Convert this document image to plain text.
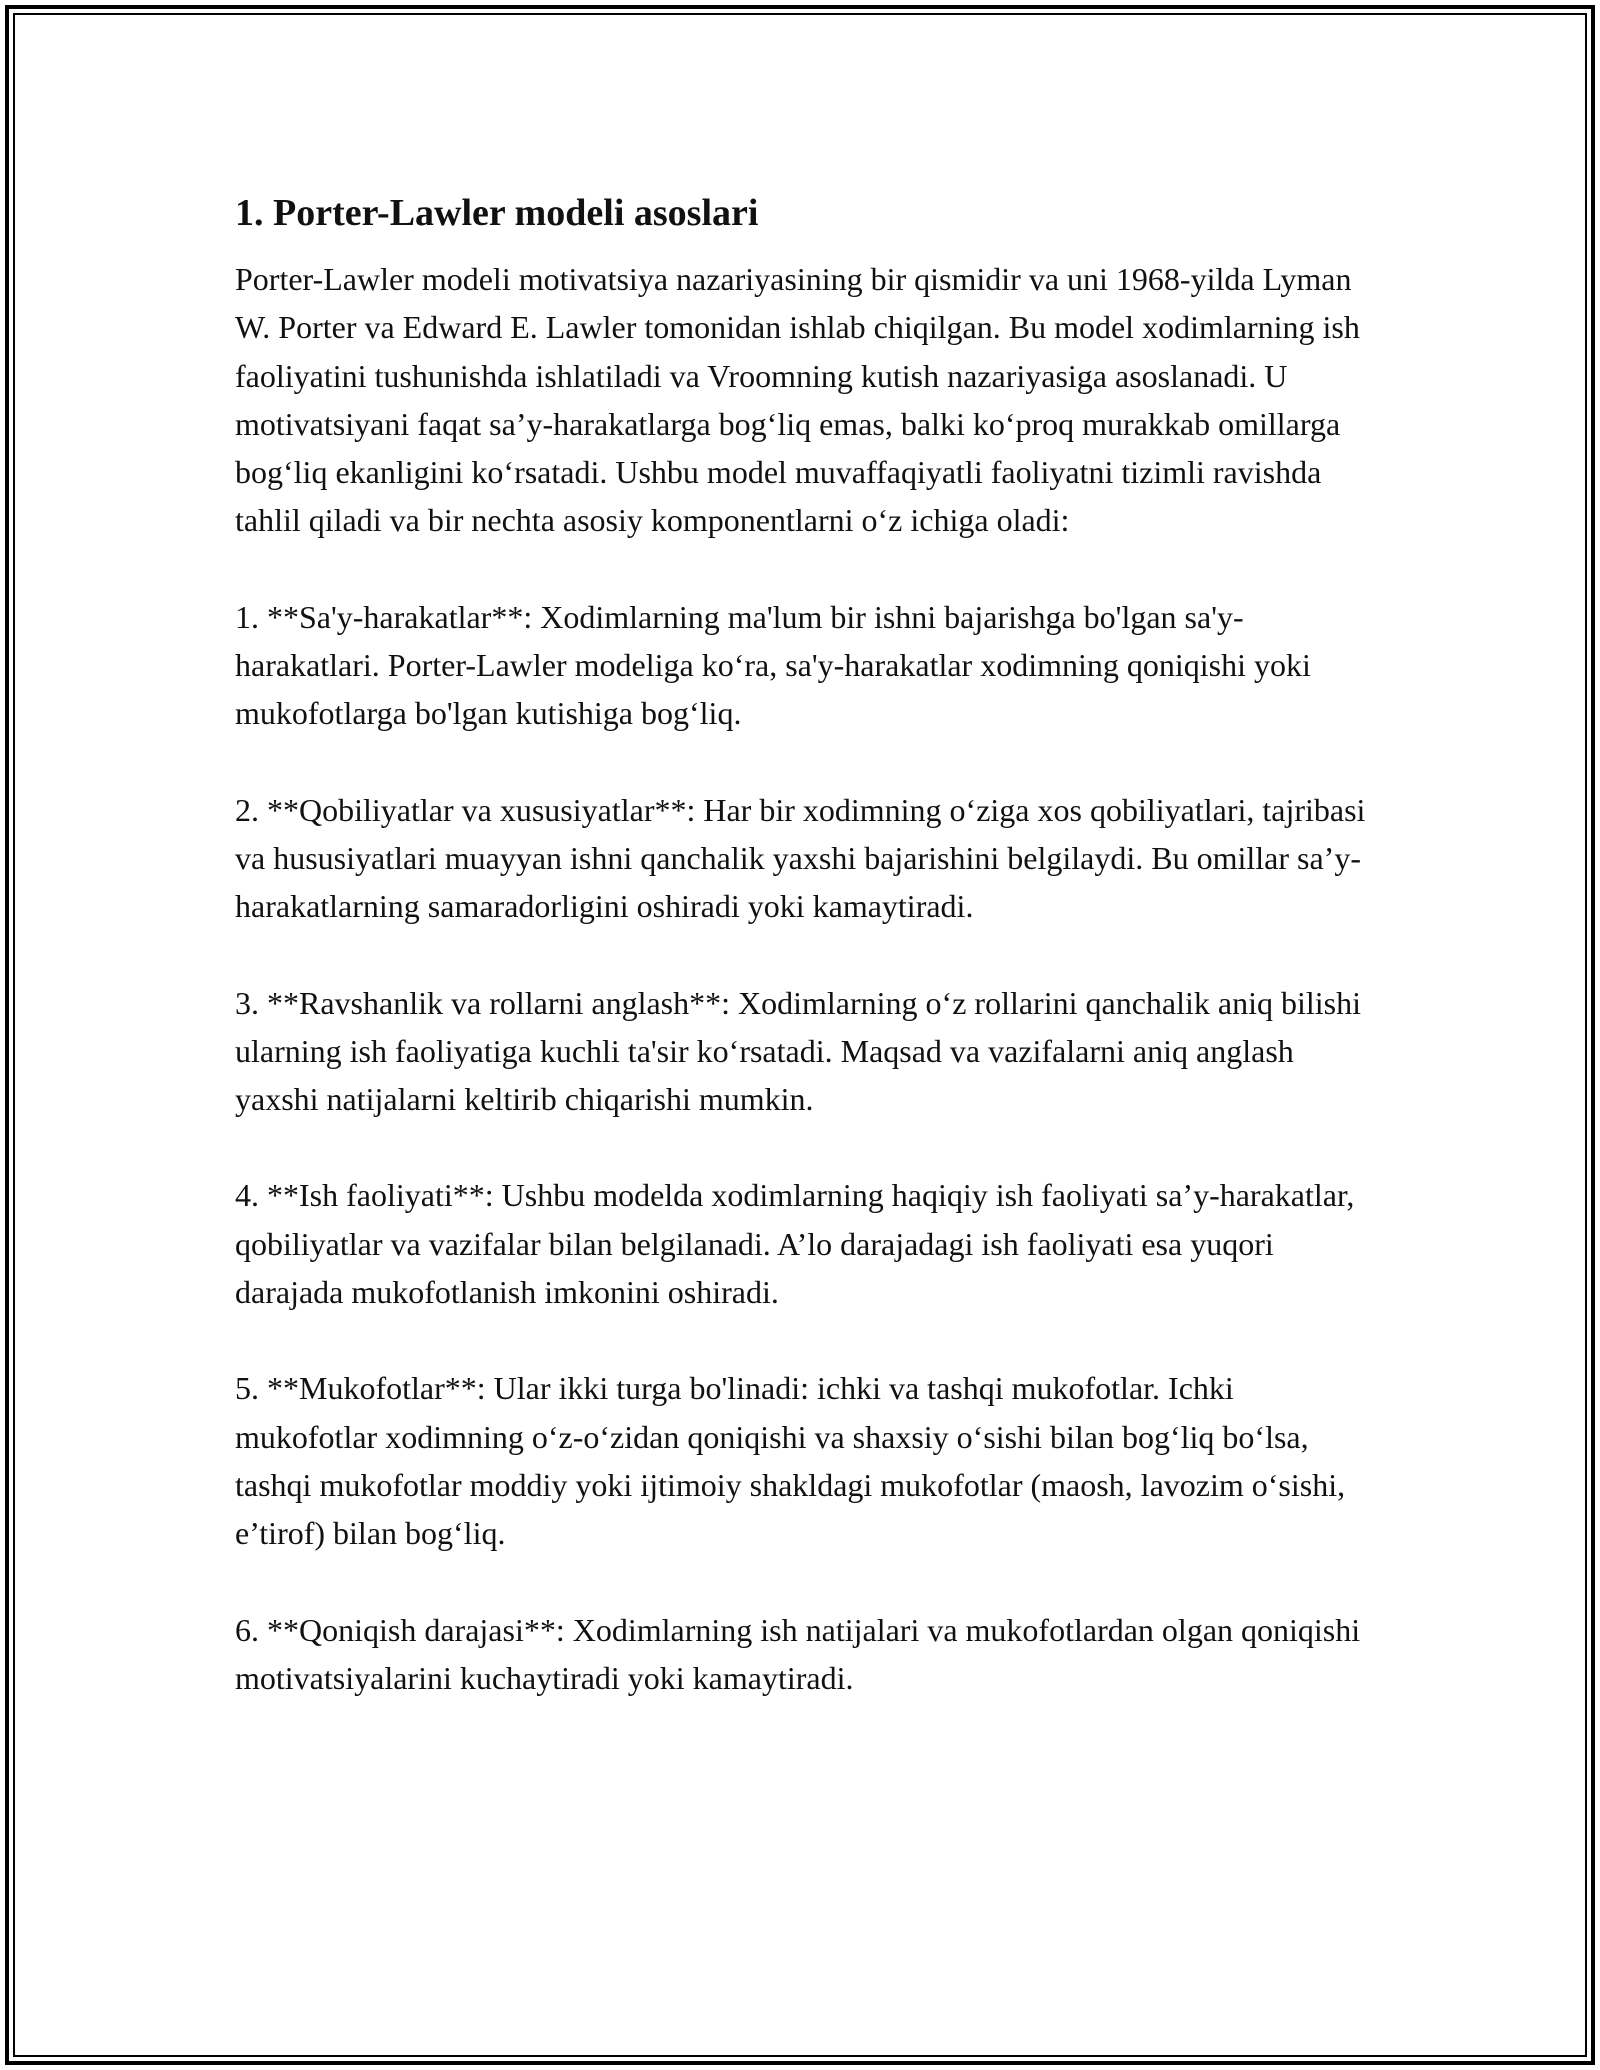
1. Porter-Lawler modeli asoslari

Porter-Lawler modeli motivatsiya nazariyasining bir qismidir va uni 1968-yilda Lyman W. Porter va Edward E. Lawler tomonidan ishlab chiqilgan. Bu model xodimlarning ish faoliyatini tushunishda ishlatiladi va Vroomning kutish nazariyasiga asoslanadi. U motivatsiyani faqat sa’y-harakatlarga bog‘liq emas, balki ko‘proq murakkab omillarga bog‘liq ekanligini ko‘rsatadi. Ushbu model muvaffaqiyatli faoliyatni tizimli ravishda tahlil qiladi va bir nechta asosiy komponentlarni o‘z ichiga oladi:

1. **Sa'y-harakatlar**: Xodimlarning ma'lum bir ishni bajarishga bo'lgan sa'y-harakatlari. Porter-Lawler modeliga ko‘ra, sa'y-harakatlar xodimning qoniqishi yoki mukofotlarga bo'lgan kutishiga bog‘liq.

2. **Qobiliyatlar va xususiyatlar**: Har bir xodimning o‘ziga xos qobiliyatlari, tajribasi va hususiyatlari muayyan ishni qanchalik yaxshi bajarishini belgilaydi. Bu omillar sa’y-harakatlarning samaradorligini oshiradi yoki kamaytiradi.

3. **Ravshanlik va rollarni anglash**: Xodimlarning o‘z rollarini qanchalik aniq bilishi ularning ish faoliyatiga kuchli ta'sir ko‘rsatadi. Maqsad va vazifalarni aniq anglash yaxshi natijalarni keltirib chiqarishi mumkin.

4. **Ish faoliyati**: Ushbu modelda xodimlarning haqiqiy ish faoliyati sa’y-harakatlar, qobiliyatlar va vazifalar bilan belgilanadi. A’lo darajadagi ish faoliyati esa yuqori darajada mukofotlanish imkonini oshiradi.

5. **Mukofotlar**: Ular ikki turga bo'linadi: ichki va tashqi mukofotlar. Ichki mukofotlar xodimning o‘z-o‘zidan qoniqishi va shaxsiy o‘sishi bilan bog‘liq bo‘lsa, tashqi mukofotlar moddiy yoki ijtimoiy shakldagi mukofotlar (maosh, lavozim o‘sishi, e’tirof) bilan bog‘liq.

6. **Qoniqish darajasi**: Xodimlarning ish natijalari va mukofotlardan olgan qoniqishi motivatsiyalarini kuchaytiradi yoki kamaytiradi.
